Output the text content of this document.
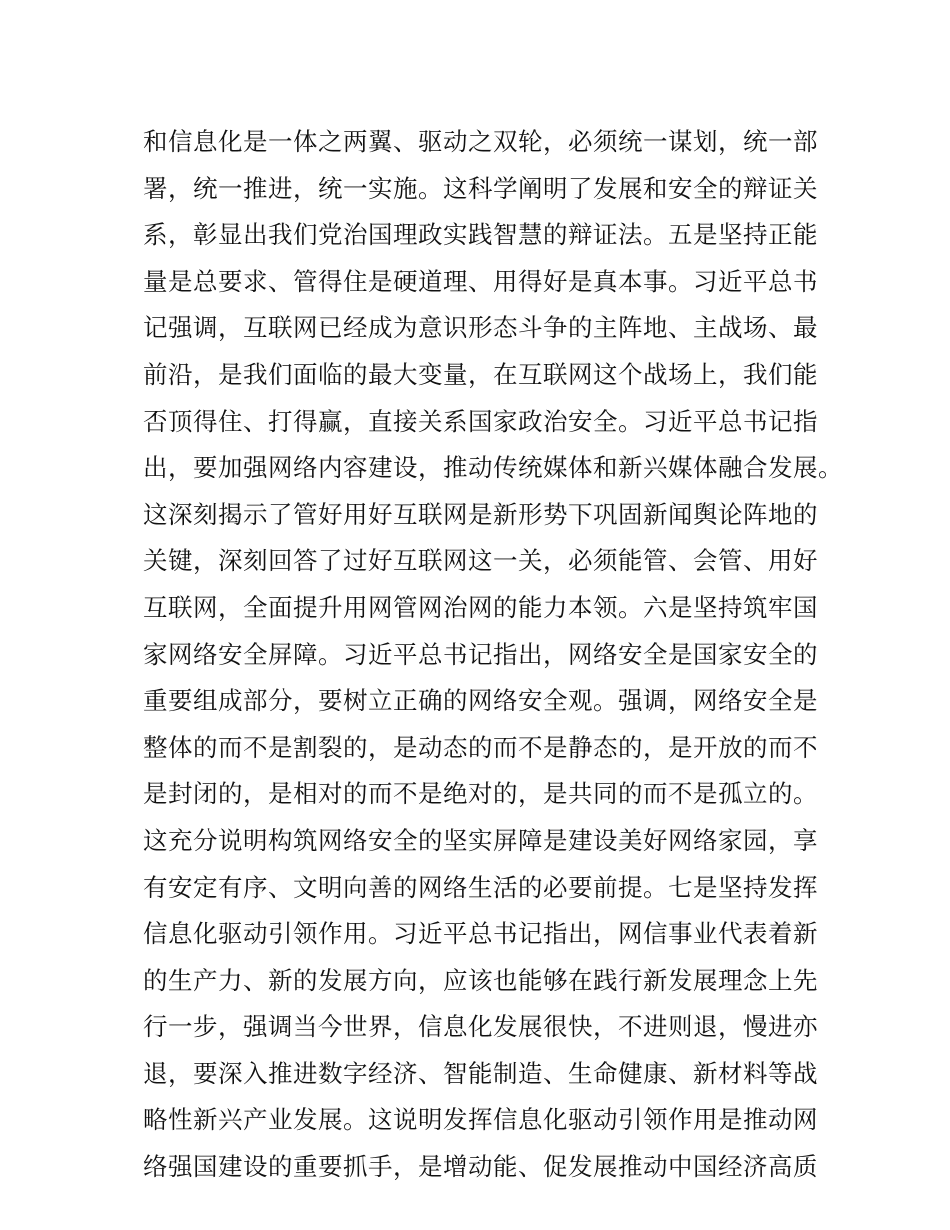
和信息化是一体之两翼、驱动之双轮，必须统一谋划，统一部
署，统一推进，统一实施。这科学阐明了发展和安全的辩证关
系，彰显出我们党治国理政实践智慧的辩证法。五是坚持正能
量是总要求、管得住是硬道理、用得好是真本事。习近平总书
记强调，互联网已经成为意识形态斗争的主阵地、主战场、最
前沿，是我们面临的最大变量，在互联网这个战场上，我们能
否顶得住、打得赢，直接关系国家政治安全。习近平总书记指
出，要加强网络内容建设，推动传统媒体和新兴媒体融合发展。
这深刻揭示了管好用好互联网是新形势下巩固新闻舆论阵地的
关键，深刻回答了过好互联网这一关，必须能管、会管、用好
互联网，全面提升用网管网治网的能力本领。六是坚持筑牢国
家网络安全屏障。习近平总书记指出，网络安全是国家安全的
重要组成部分，要树立正确的网络安全观。强调，网络安全是
整体的而不是割裂的，是动态的而不是静态的，是开放的而不
是封闭的，是相对的而不是绝对的，是共同的而不是孤立的。
这充分说明构筑网络安全的坚实屏障是建设美好网络家园，享
有安定有序、文明向善的网络生活的必要前提。七是坚持发挥
信息化驱动引领作用。习近平总书记指出，网信事业代表着新
的生产力、新的发展方向，应该也能够在践行新发展理念上先
行一步，强调当今世界，信息化发展很快，不进则退，慢进亦
退，要深入推进数字经济、智能制造、生命健康、新材料等战
略性新兴产业发展。这说明发挥信息化驱动引领作用是推动网
络强国建设的重要抓手，是增动能、促发展推动中国经济高质
